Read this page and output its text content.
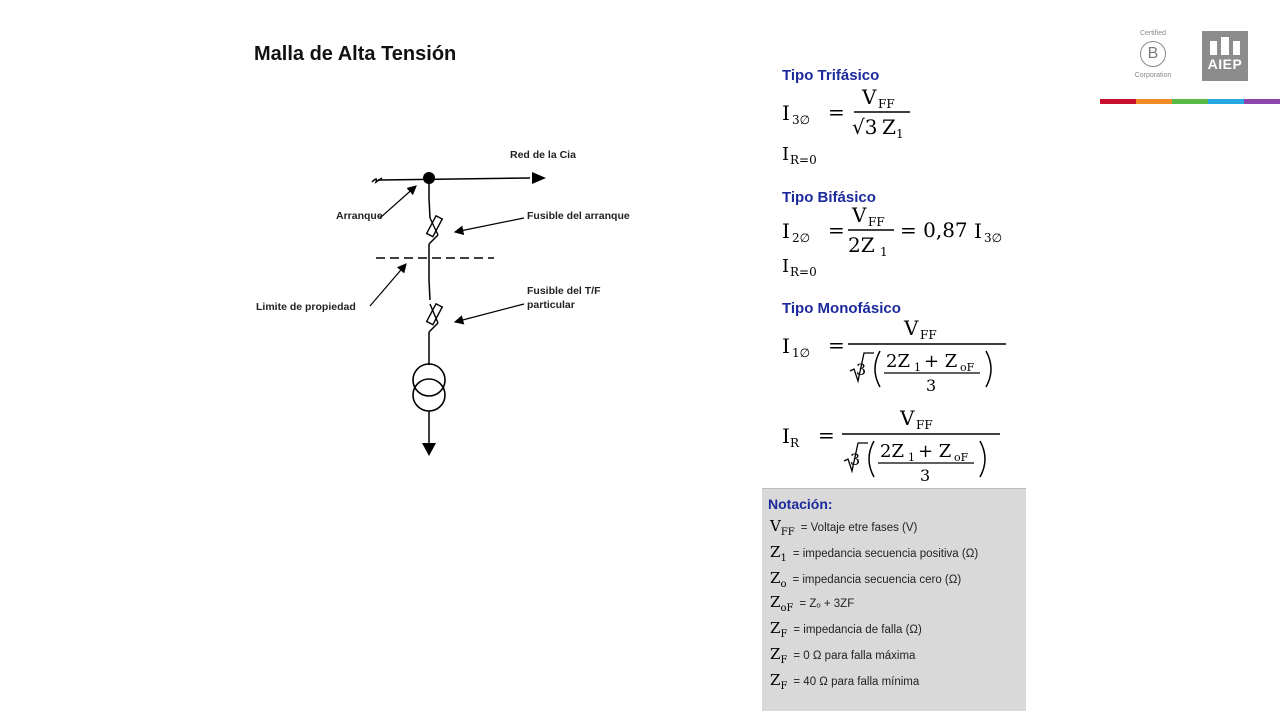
Malla de Alta Tensión
Certified
B
Corporation
AIEP
Red de la Cia
Arranque	Fusible del arranque
Limite de propiedad
Fusible del T/F
particular
Tipo Trifásico
I 3∅ =
V FF
√3 Z 1
I R=0
Tipo Bifásico
I 2∅ =
V FF
2Z 1
= 0,87 I 3∅
I R=0
Tipo Monofásico
I 1∅ =
V FF
3 2Z 1 + Z oF
3
I R =
V FF
3 2Z 1 + Z oF
3
Notación:
$V_{FF}$ = Voltaje etre fases (V)
$Z_1$ = impedancia secuencia positiva (Ω)
$Z_o$ = impedancia secuencia cero (Ω)
$Z_{oF} = Z_o + 3ZF$
$Z_F$ = impedancia de falla (Ω)
$Z_F = 0$ Ω para falla máxima
$Z_F = 40$ Ω para falla mínima
